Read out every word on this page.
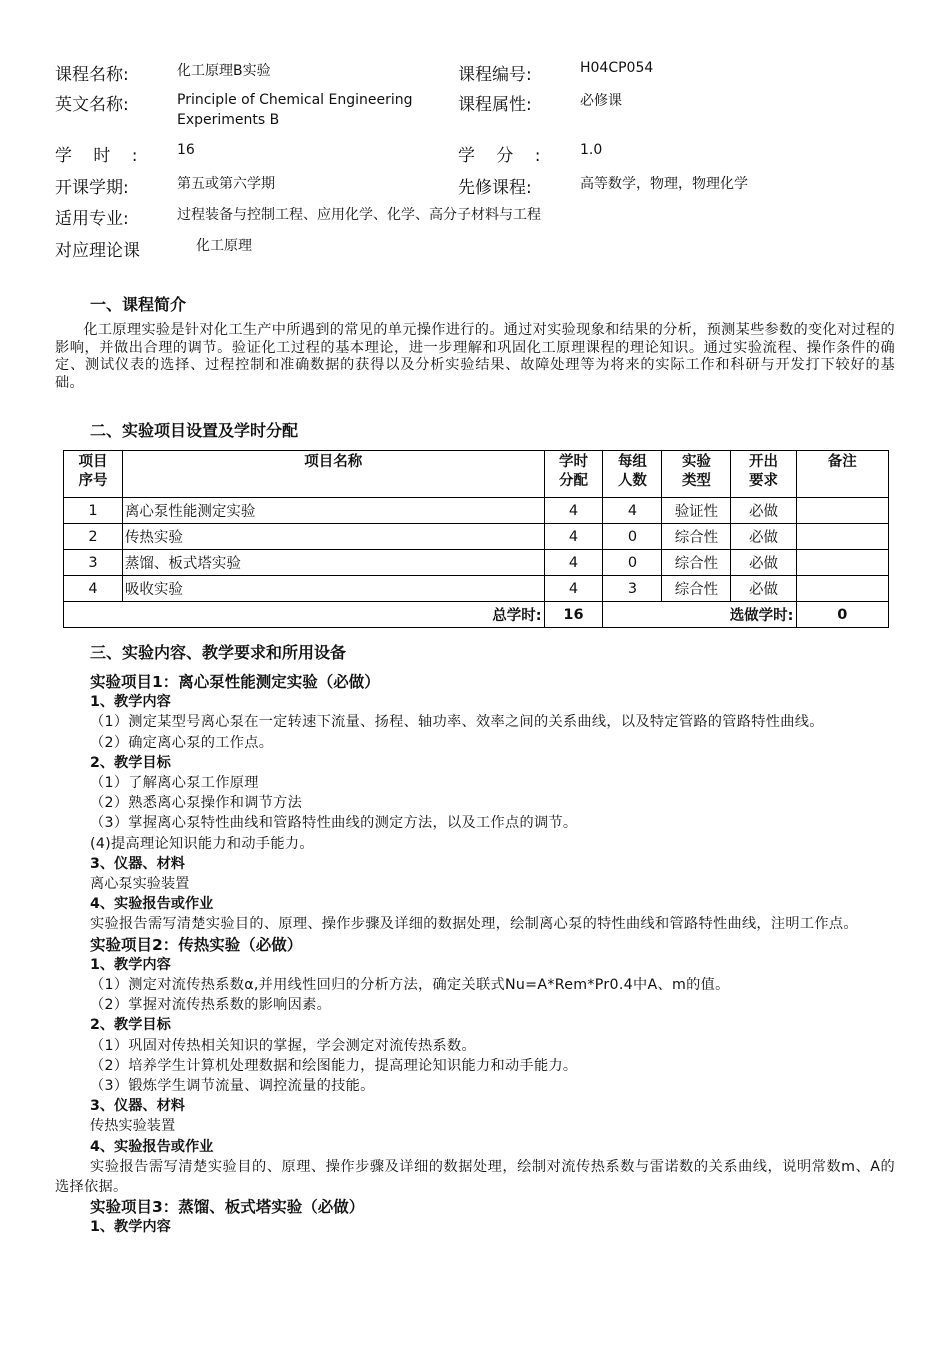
课程名称:	化工原理B实验	课程编号:	H04CP054
英文名称:	Principle of Chemical Engineering Experiments B
课程属性:	必修课
学 时 : 16	学 分 : 1.0
开课学期:	第五或第六学期	先修课程:	高等数学，物理，物理化学
适用专业:	过程装备与控制工程、应用化学、化学、高分子材料与工程
对应理论课	化工原理
一、课程简介
化工原理实验是针对化工生产中所遇到的常见的单元操作进行的。通过对实验现象和结果的分析，预测某些参数的变化对过程的影响，并做出合理的调节。验证化工过程的基本理论，进一步理解和巩固化工原理课程的理论知识。通过实验流程、操作条件的确定、测试仪表的选择、过程控制和准确数据的获得以及分析实验结果、故障处理等为将来的实际工作和科研与开发打下较好的基础。
二、实验项目设置及学时分配
项目序号	项目名称	学时分配	每组人数	实验类型	开出要求	备注
1	离心泵性能测定实验	4	4	验证性	必做	
2	传热实验	4	0	综合性	必做	
3	蒸馏、板式塔实验	4	0	综合性	必做	
4	吸收实验	4	3	综合性	必做	
总学时:		16	选做学时:			0
三、实验内容、教学要求和所用设备
实验项目1：离心泵性能测定实验（必做）
1、教学内容
（1）测定某型号离心泵在一定转速下流量、扬程、轴功率、效率之间的关系曲线，以及特定管路的管路特性曲线。
（2）确定离心泵的工作点。
2、教学目标
（1）了解离心泵工作原理
（2）熟悉离心泵操作和调节方法
（3）掌握离心泵特性曲线和管路特性曲线的测定方法，以及工作点的调节。
(4)提高理论知识能力和动手能力。
3、仪器、材料
离心泵实验装置
4、实验报告或作业
实验报告需写清楚实验目的、原理、操作步骤及详细的数据处理，绘制离心泵的特性曲线和管路特性曲线，注明工作点。
实验项目2：传热实验（必做）
1、教学内容
（1）测定对流传热系数α,并用线性回归的分析方法，确定关联式Nu=A*Rem*Pr0.4中A、m的值。
（2）掌握对流传热系数的影响因素。
2、教学目标
（1）巩固对传热相关知识的掌握，学会测定对流传热系数。
（2）培养学生计算机处理数据和绘图能力，提高理论知识能力和动手能力。
（3）锻炼学生调节流量、调控流量的技能。
3、仪器、材料
传热实验装置
4、实验报告或作业
实验报告需写清楚实验目的、原理、操作步骤及详细的数据处理，绘制对流传热系数与雷诺数的关系曲线，说明常数m、A的选择依据。
实验项目3：蒸馏、板式塔实验（必做）
1、教学内容
